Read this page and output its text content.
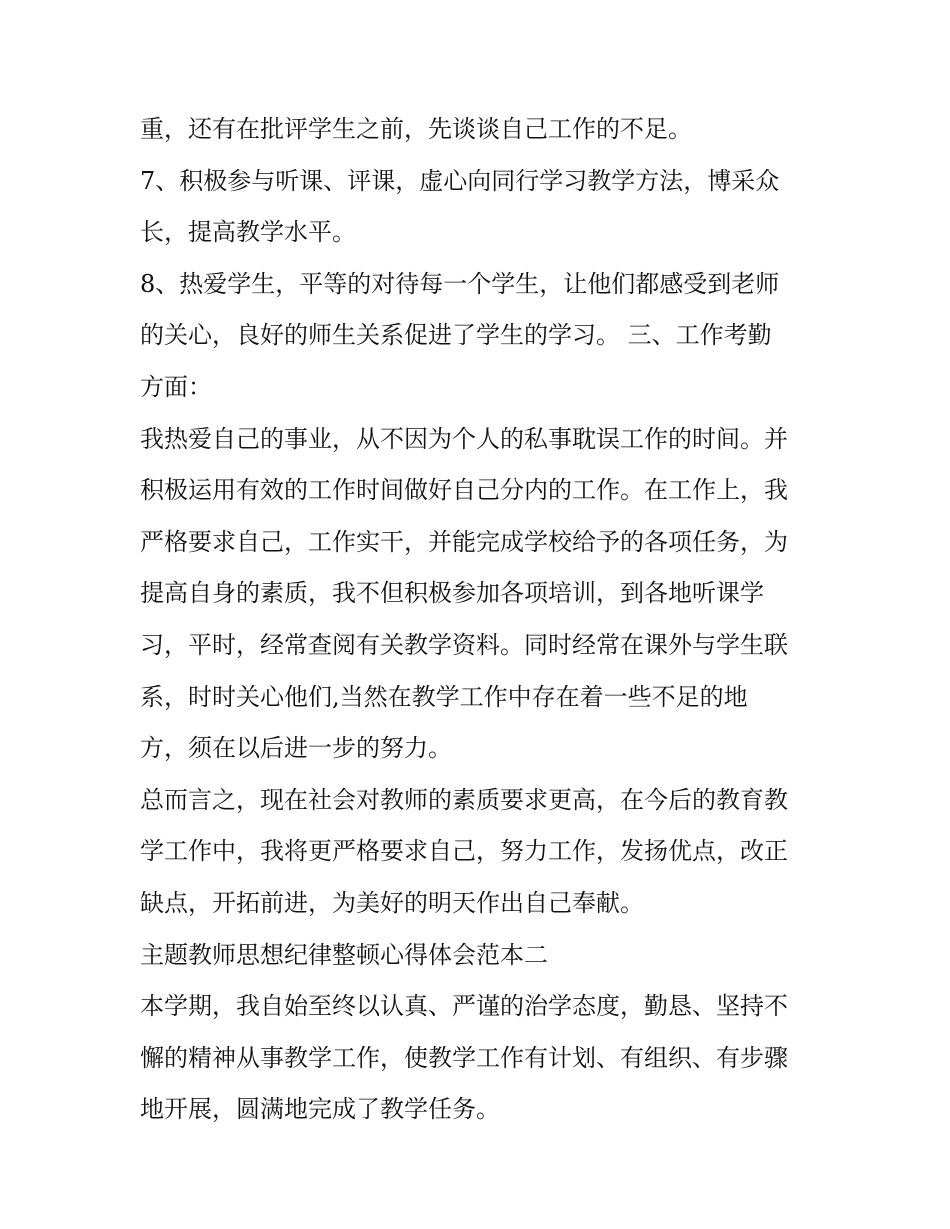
重，还有在批评学生之前，先谈谈自己工作的不足。
7、积极参与听课、评课，虚心向同行学习教学方法，博采众
长，提高教学水平。
8、热爱学生，平等的对待每一个学生，让他们都感受到老师
的关心，良好的师生关系促进了学生的学习。 三、工作考勤
方面：
我热爱自己的事业，从不因为个人的私事耽误工作的时间。并
积极运用有效的工作时间做好自己分内的工作。在工作上，我
严格要求自己，工作实干，并能完成学校给予的各项任务，为
提高自身的素质，我不但积极参加各项培训，到各地听课学
习，平时，经常查阅有关教学资料。同时经常在课外与学生联
系，时时关心他们,当然在教学工作中存在着一些不足的地
方，须在以后进一步的努力。
总而言之，现在社会对教师的素质要求更高，在今后的教育教
学工作中，我将更严格要求自己，努力工作，发扬优点，改正
缺点，开拓前进，为美好的明天作出自己奉献。
主题教师思想纪律整顿心得体会范本二
本学期，我自始至终以认真、严谨的治学态度，勤恳、坚持不
懈的精神从事教学工作，使教学工作有计划、有组织、有步骤
地开展，圆满地完成了教学任务。
